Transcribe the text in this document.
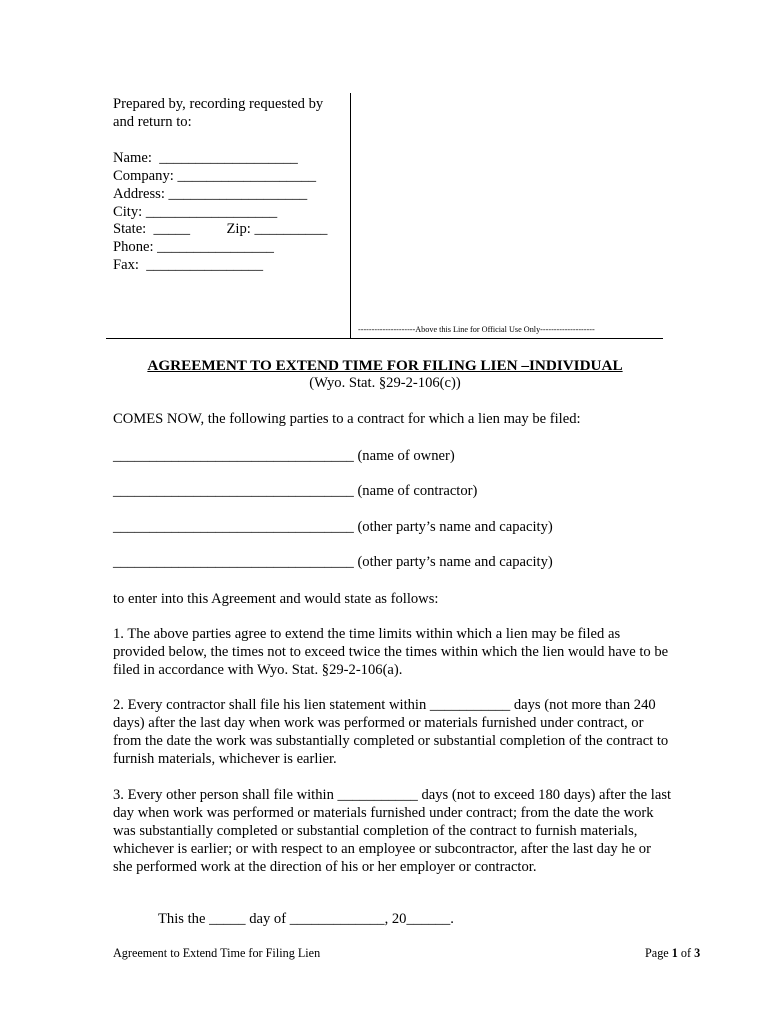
Prepared by, recording requested by
and return to:
Name:  ___________________
Company: ___________________
Address: ___________________
City: __________________
State:  _____          Zip: __________
Phone: ________________
Fax:  ________________
---------------------Above this Line for Official Use Only--------------------
AGREEMENT TO EXTEND TIME FOR FILING LIEN –INDIVIDUAL
(Wyo. Stat. §29-2-106(c))
COMES NOW, the following parties to a contract for which a lien may be filed:
_________________________________ (name of owner)
_________________________________ (name of contractor)
_________________________________ (other party’s name and capacity)
_________________________________ (other party’s name and capacity)
to enter into this Agreement and would state as follows:
1. The above parties agree to extend the time limits within which a lien may be filed as provided below, the times not to exceed twice the times within which the lien would have to be filed in accordance with Wyo. Stat. §29-2-106(a).
2. Every contractor shall file his lien statement within ___________ days (not more than 240 days) after the last day when work was performed or materials furnished under contract, or from the date the work was substantially completed or substantial completion of the contract to furnish materials, whichever is earlier.
3. Every other person shall file within ___________ days (not to exceed 180 days) after the last day when work was performed or materials furnished under contract; from the date the work was substantially completed or substantial completion of the contract to furnish materials, whichever is earlier; or with respect to an employee or subcontractor, after the last day he or she performed work at the direction of his or her employer or contractor.
This the _____ day of _____________, 20______.
Agreement to Extend Time for Filing Lien	Page 1 of 3
